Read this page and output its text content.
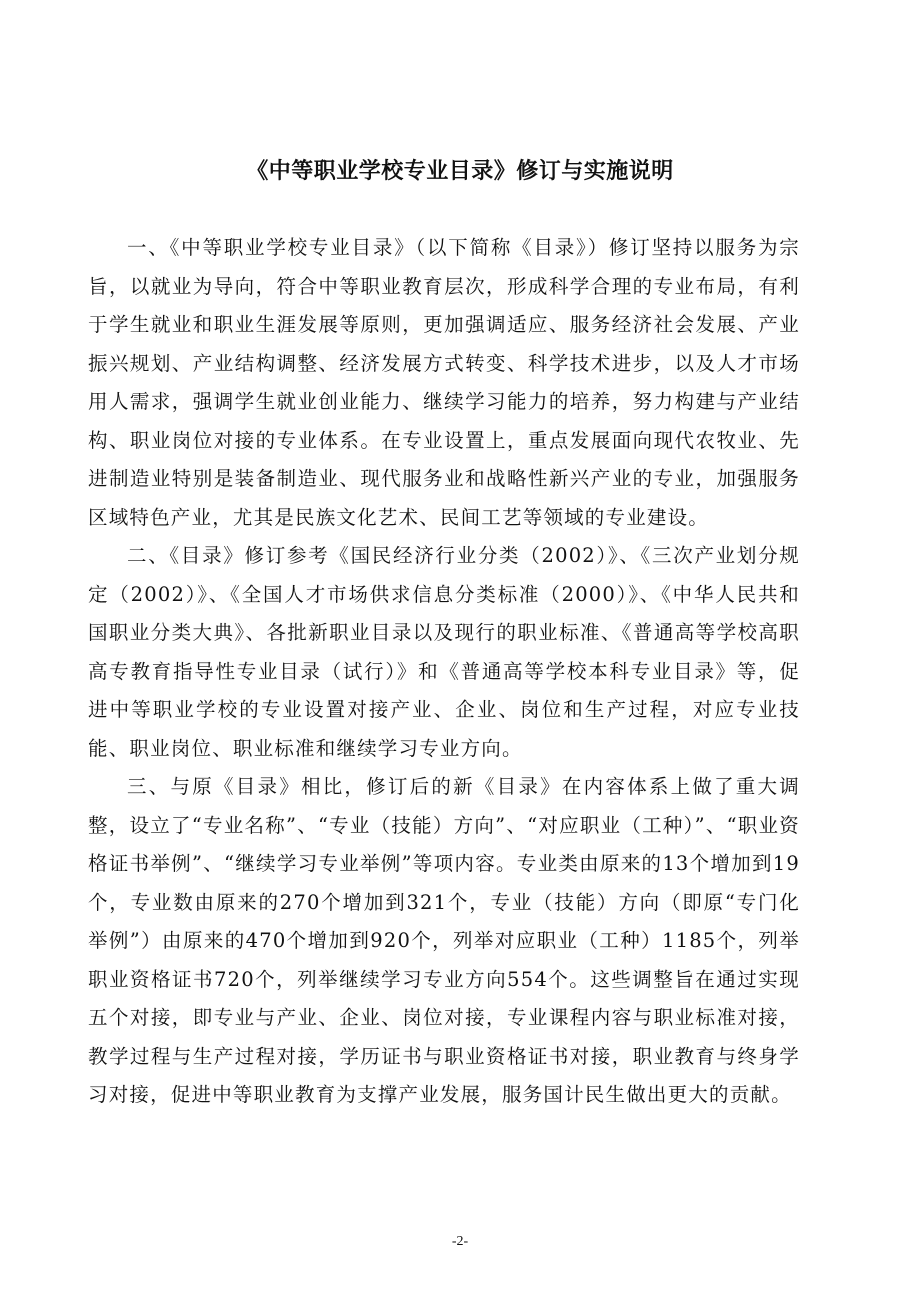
《中等职业学校专业目录》修订与实施说明

一、《中等职业学校专业目录》（以下简称《目录》）修订坚持以服务为宗旨，以就业为导向，符合中等职业教育层次，形成科学合理的专业布局，有利于学生就业和职业生涯发展等原则，更加强调适应、服务经济社会发展、产业振兴规划、产业结构调整、经济发展方式转变、科学技术进步，以及人才市场用人需求，强调学生就业创业能力、继续学习能力的培养，努力构建与产业结构、职业岗位对接的专业体系。在专业设置上，重点发展面向现代农牧业、先进制造业特别是装备制造业、现代服务业和战略性新兴产业的专业，加强服务区域特色产业，尤其是民族文化艺术、民间工艺等领域的专业建设。

二、《目录》修订参考《国民经济行业分类（2002）》、《三次产业划分规定（2002）》、《全国人才市场供求信息分类标准（2000）》、《中华人民共和国职业分类大典》、各批新职业目录以及现行的职业标准、《普通高等学校高职高专教育指导性专业目录（试行）》和《普通高等学校本科专业目录》等，促进中等职业学校的专业设置对接产业、企业、岗位和生产过程，对应专业技能、职业岗位、职业标准和继续学习专业方向。

三、与原《目录》相比，修订后的新《目录》在内容体系上做了重大调整，设立了“专业名称”、“专业（技能）方向”、“对应职业（工种）”、“职业资格证书举例”、“继续学习专业举例”等项内容。专业类由原来的13个增加到19个，专业数由原来的270个增加到321个，专业（技能）方向（即原“专门化举例”）由原来的470个增加到920个，列举对应职业（工种）1185个，列举职业资格证书720个，列举继续学习专业方向554个。这些调整旨在通过实现五个对接，即专业与产业、企业、岗位对接，专业课程内容与职业标准对接，教学过程与生产过程对接，学历证书与职业资格证书对接，职业教育与终身学习对接，促进中等职业教育为支撑产业发展，服务国计民生做出更大的贡献。

-2-
